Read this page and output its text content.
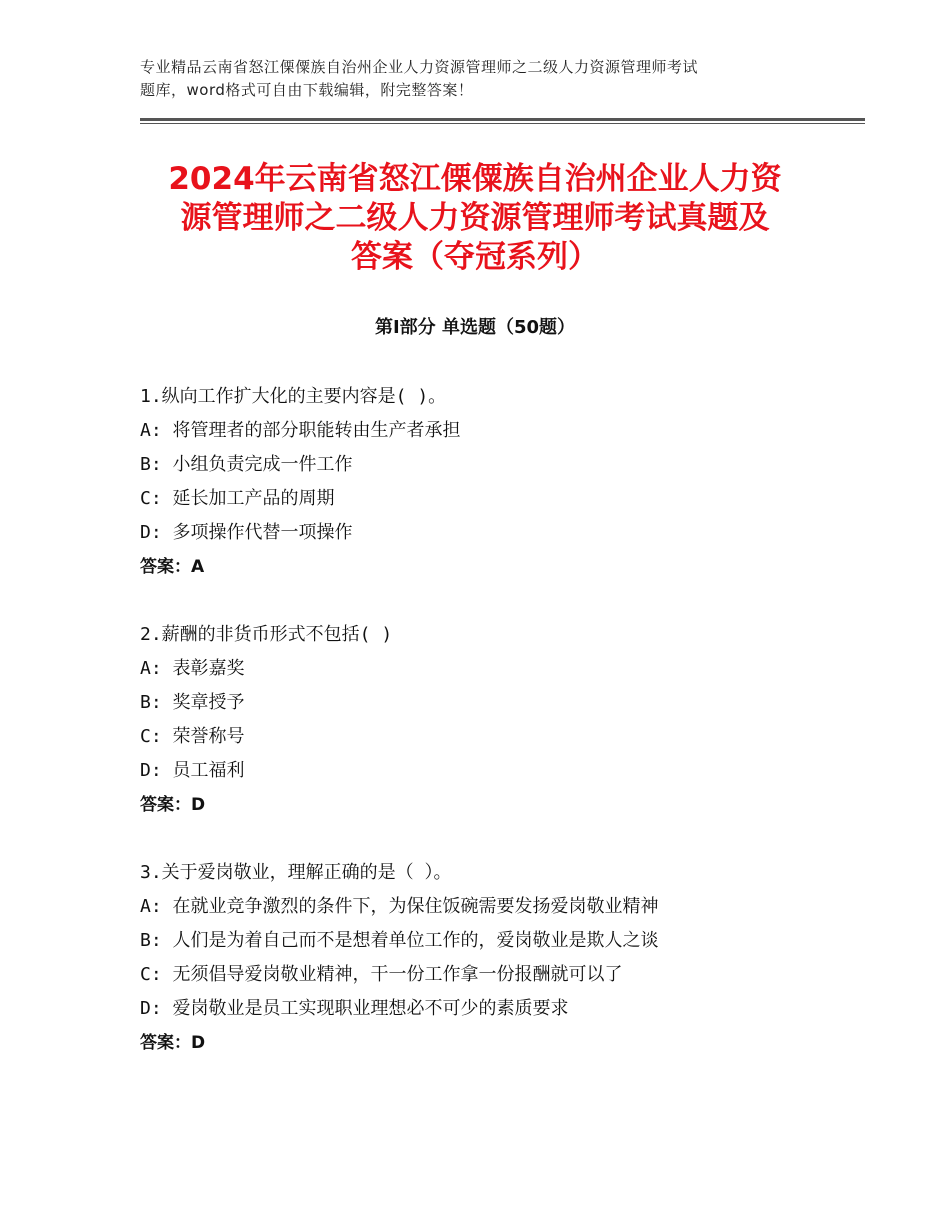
专业精品云南省怒江傈僳族自治州企业人力资源管理师之二级人力资源管理师考试
题库，word格式可自由下载编辑，附完整答案！
2024年云南省怒江傈僳族自治州企业人力资
源管理师之二级人力资源管理师考试真题及
答案（夺冠系列）
第Ⅰ部分 单选题（50题）
1.纵向工作扩大化的主要内容是( )。
A: 将管理者的部分职能转由生产者承担
B: 小组负责完成一件工作
C: 延长加工产品的周期
D: 多项操作代替一项操作
答案：A
2.薪酬的非货币形式不包括( )
A: 表彰嘉奖
B: 奖章授予
C: 荣誉称号
D: 员工福利
答案：D
3.关于爱岗敬业，理解正确的是（ ）。
A: 在就业竞争激烈的条件下，为保住饭碗需要发扬爱岗敬业精神
B: 人们是为着自己而不是想着单位工作的，爱岗敬业是欺人之谈
C: 无须倡导爱岗敬业精神，干一份工作拿一份报酬就可以了
D: 爱岗敬业是员工实现职业理想必不可少的素质要求
答案：D
